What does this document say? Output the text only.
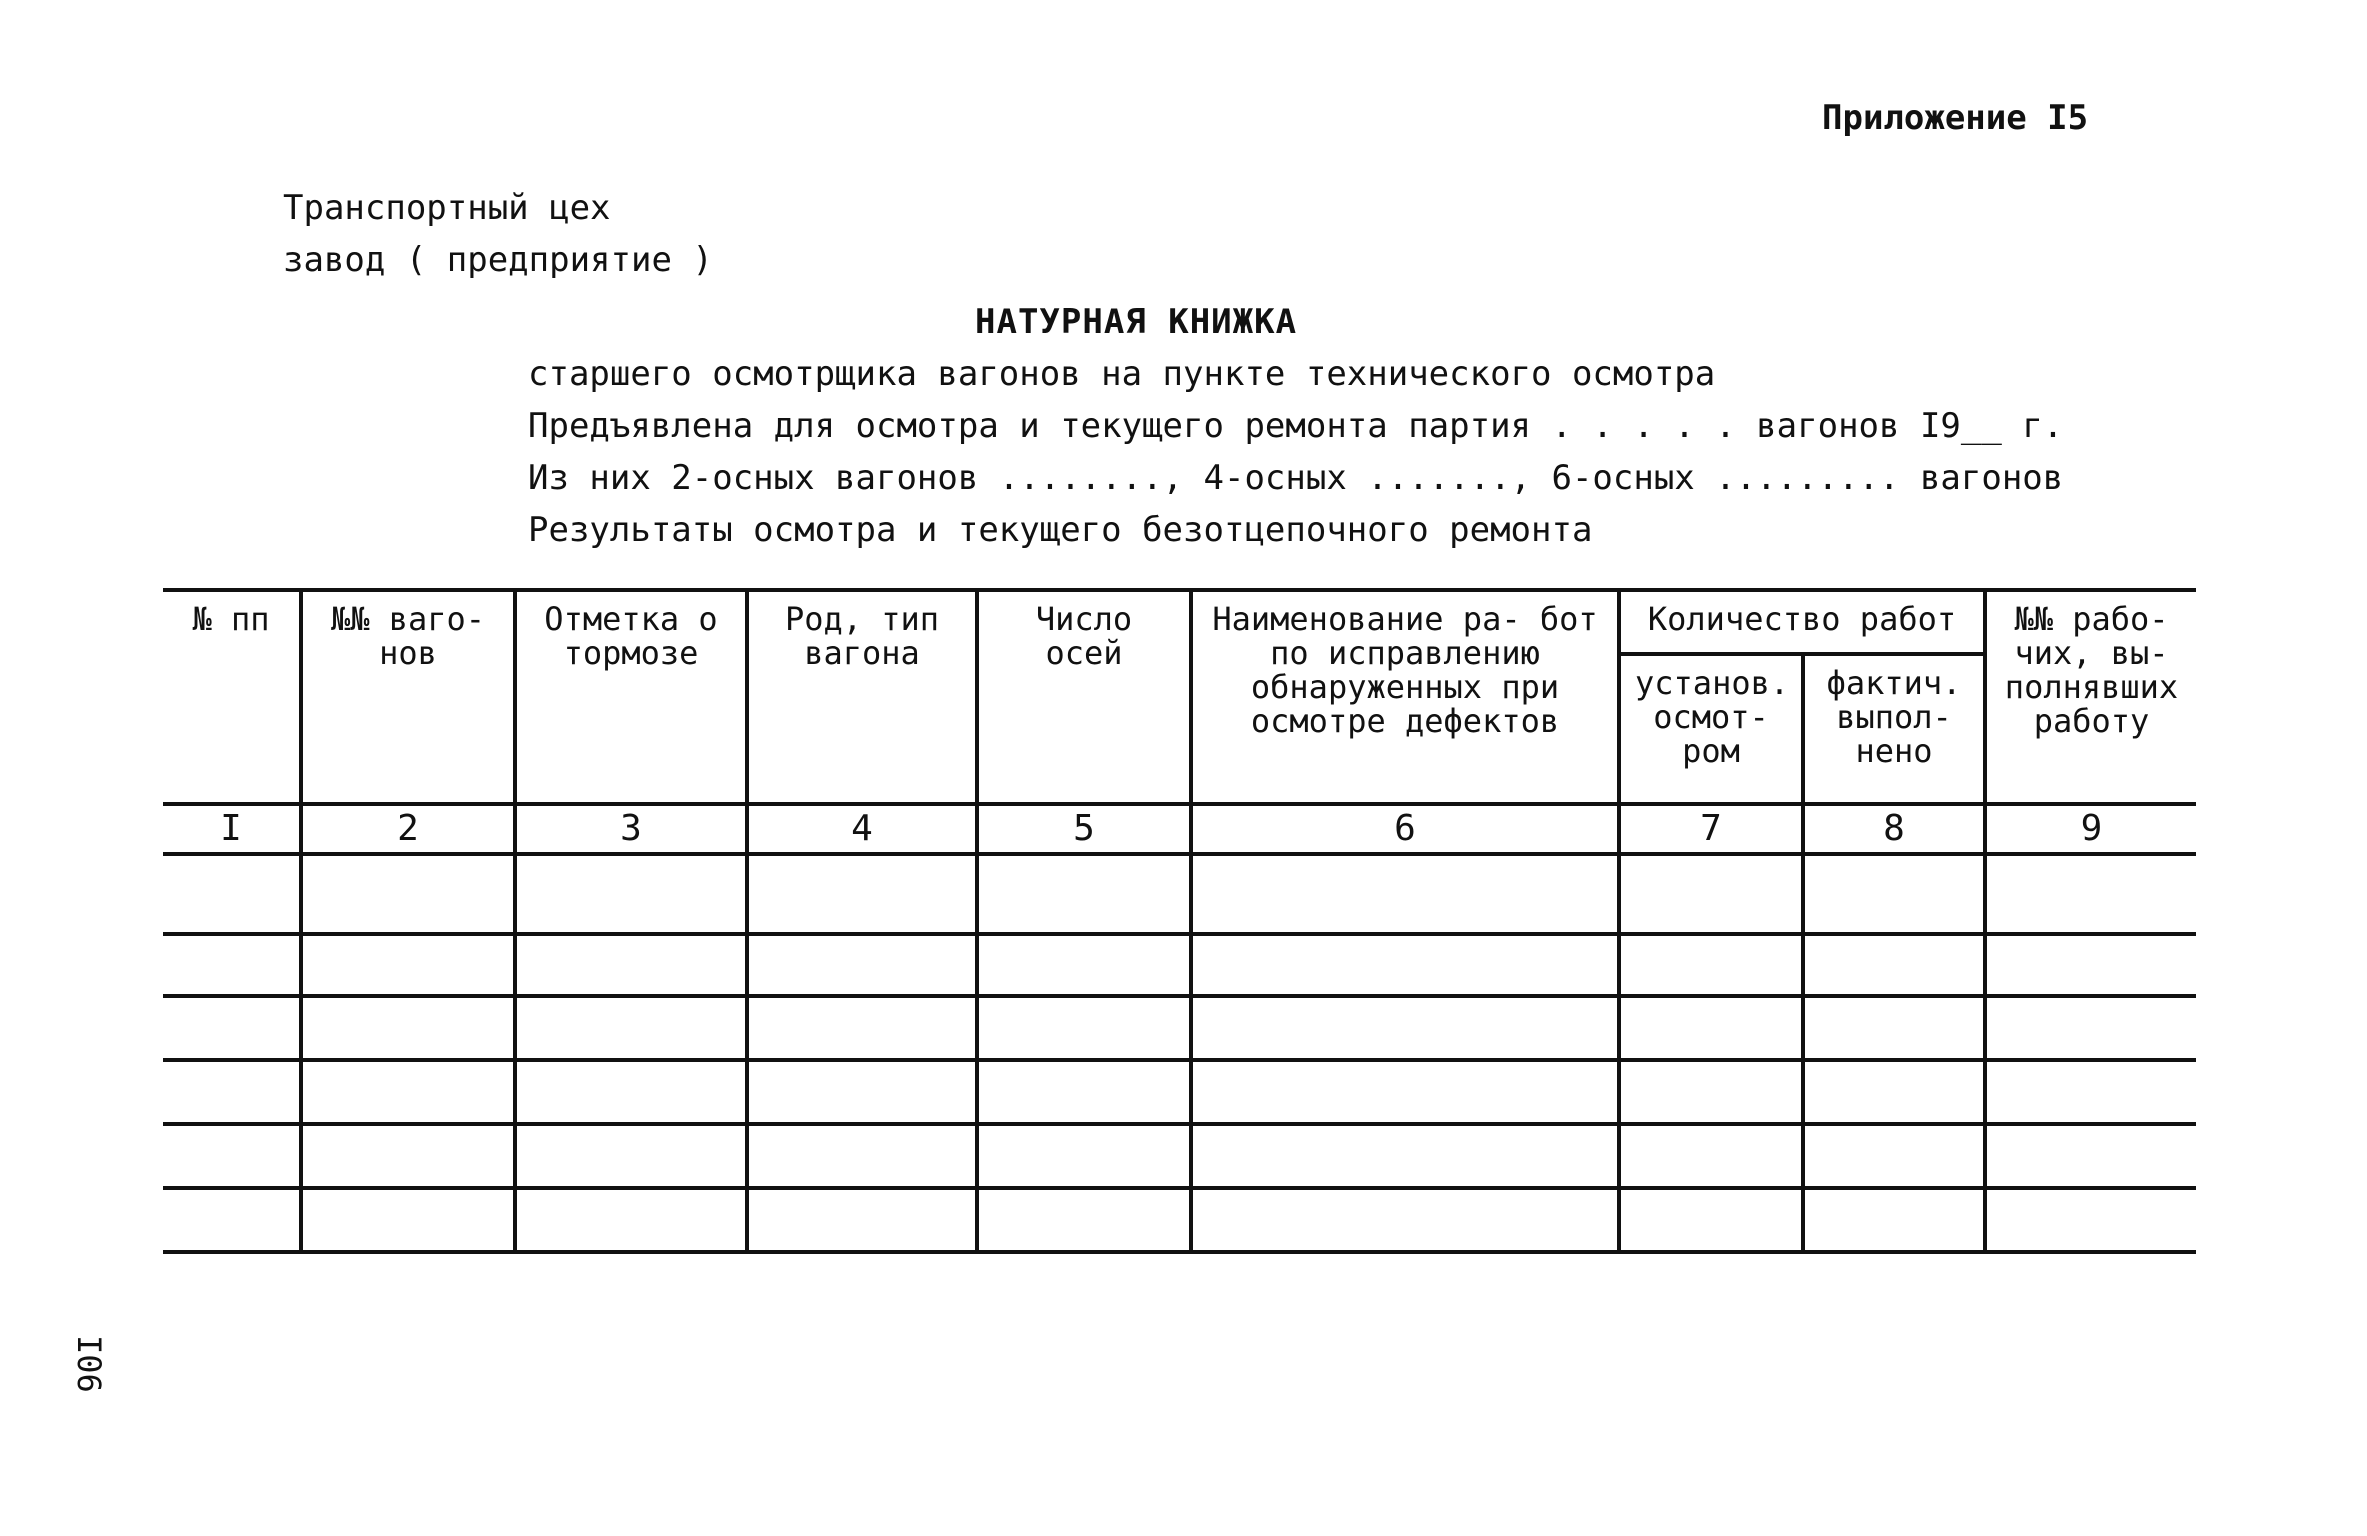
Приложение I5
Транспортный цех
завод ( предприятие )
НАТУРНАЯ КНИЖКА
старшего осмотрщика вагонов на пункте технического осмотра
Предъявлена для осмотра и текущего ремонта партия . . . . . вагонов I9__ г.
Из них 2-осных вагонов ........, 4-осных ......., 6-осных ......... вагонов
Результаты осмотра и текущего безотцепочного ремонта
№ пп	№№ ваго- нов	Отметка о тормозе	Род, тип вагона	Число осей	Наименование ра- бот по исправлению обнаруженных при осмотре дефектов	Количество работ		№№ рабо- чих, вы- полнявших работу
						установ. осмот- ром	фактич. выпол- нено	
I	2	3	4	5	6	7	8	9

I06
